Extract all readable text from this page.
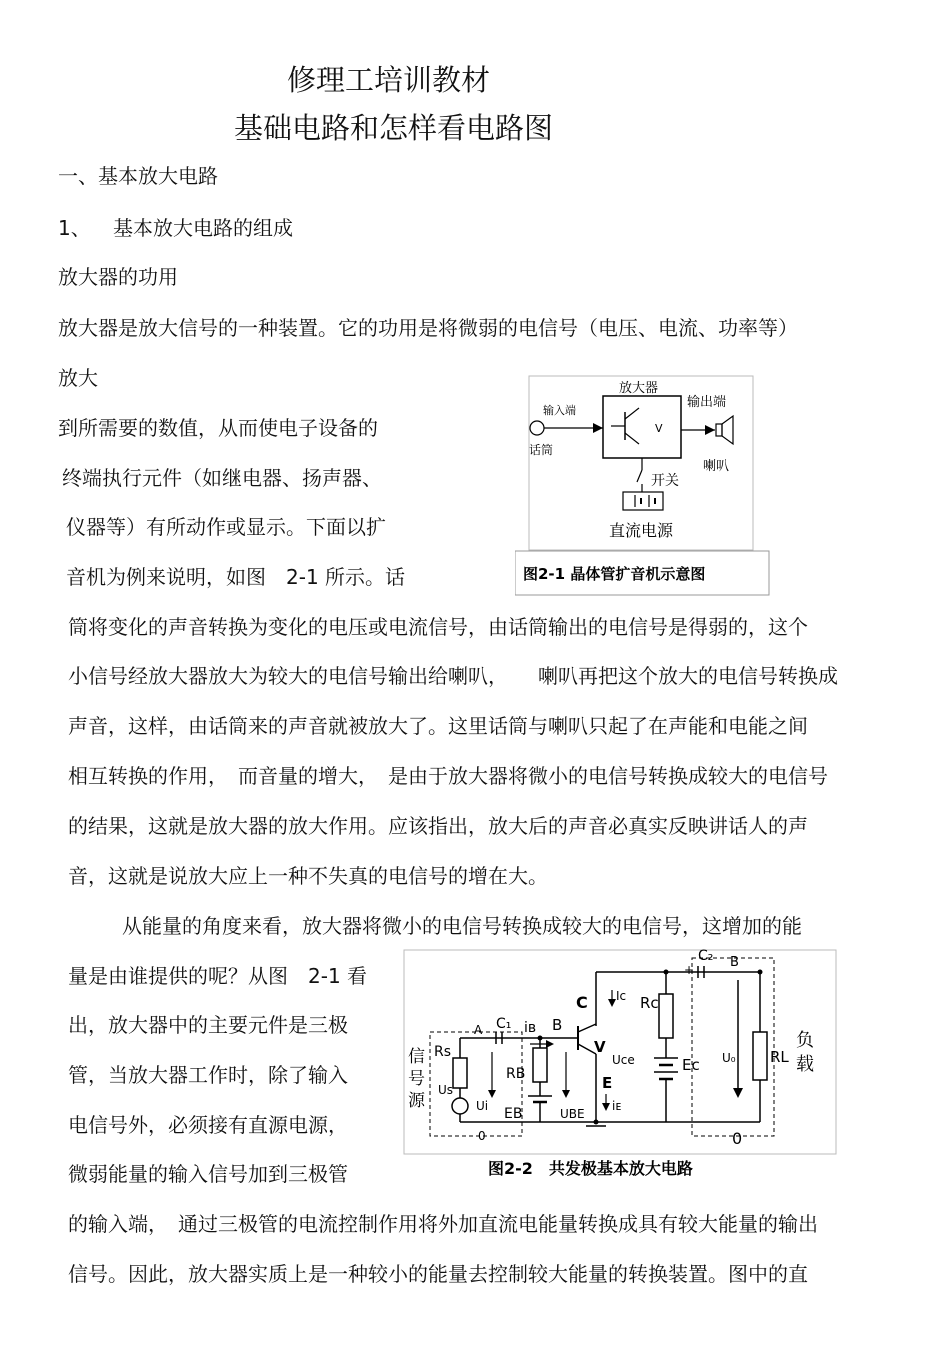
修理工培训教材
基础电路和怎样看电路图
一、基本放大电路
1、 基本放大电路的组成
放大器的功用
放大器是放大信号的一种装置。它的功用是将微弱的电信号（电压、电流、功率等）
放大
到所需要的数值，从而使电子设备的
终端执行元件（如继电器、扬声器、
仪器等）有所动作或显示。下面以扩
音机为例来说明，如图　2-1 所示。话
筒将变化的声音转换为变化的电压或电流信号，由话筒输出的电信号是得弱的，这个
小信号经放大器放大为较大的电信号输出给喇叭，　　喇叭再把这个放大的电信号转换成
声音，这样，由话筒来的声音就被放大了。这里话筒与喇叭只起了在声能和电能之间
相互转换的作用，　而音量的增大，　是由于放大器将微小的电信号转换成较大的电信号
的结果，这就是放大器的放大作用。应该指出，放大后的声音必真实反映讲话人的声
音，这就是说放大应上一种不失真的电信号的增在大。
从能量的角度来看，放大器将微小的电信号转换成较大的电信号，这增加的能
量是由谁提供的呢？从图　2-1 看
出，放大器中的主要元件是三极
管，当放大器工作时，除了输入
电信号外，必须接有直源电源，
微弱能量的输入信号加到三极管
的输入端，　通过三极管的电流控制作用将外加直流电能量转换成具有较大能量的输出
信号。因此，放大器实质上是一种较小的能量去控制较大能量的转换装置。图中的直
V
放大器
输入端
话筒
输出端
喇叭
开关
直流电源
图2-1 晶体管扩音机示意图
C₂
+	B
C Iᴄ Rc
A C₁ iʙ B
V
Uce
E
iᴇ
Eᴄ U₀ RL
负
载
Rs
Us
Ui
RB
EB	UBE
信
号
源
0	0
图2-2　共发极基本放大电路
